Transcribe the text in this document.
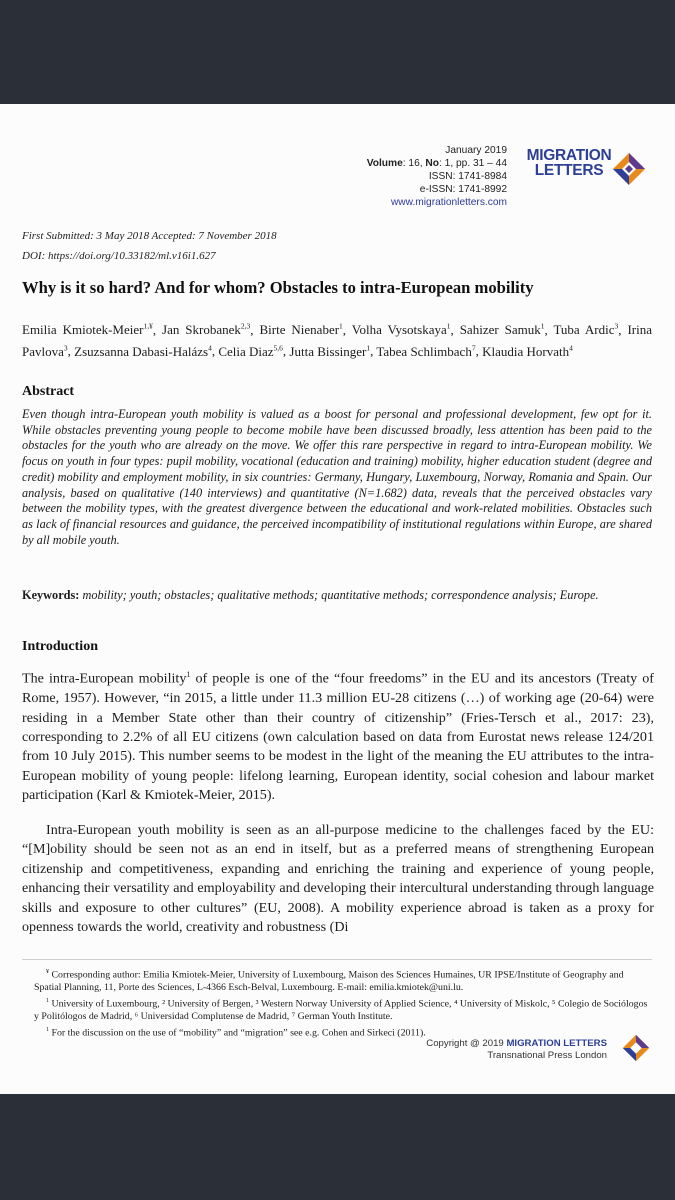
January 2019
Volume: 16, No: 1, pp. 31 – 44
ISSN: 1741-8984
e-ISSN: 1741-8992
www.migrationletters.com
MIGRATION
LETTERS
First Submitted: 3 May 2018 Accepted: 7 November 2018
DOI: https://doi.org/10.33182/ml.v16i1.627
Why is it so hard? And for whom? Obstacles to intra-European mobility
Emilia Kmiotek-Meier$^{1,¥}$, Jan Skrobanek$^{2,3}$, Birte Nienaber$^1$, Volha Vysotskaya$^1$, Sahizer Samuk$^1$, Tuba Ardic$^3$, Irina Pavlova$^3$, Zsuzsanna Dabasi-Halázs$^4$, Celia Diaz$^{5,6}$, Jutta Bissinger$^1$, Tabea Schlimbach$^7$, Klaudia Horvath$^4$
Abstract

Even though intra-European youth mobility is valued as a boost for personal and professional development, few opt for it. While obstacles preventing young people to become mobile have been discussed broadly, less attention has been paid to the obstacles for the youth who are already on the move. We offer this rare perspective in regard to intra-European mobility. We focus on youth in four types: pupil mobility, vocational (education and training) mobility, higher education student (degree and credit) mobility and employment mobility, in six countries: Germany, Hungary, Luxembourg, Norway, Romania and Spain. Our analysis, based on qualitative (140 interviews) and quantitative (N=1.682) data, reveals that the perceived obstacles vary between the mobility types, with the greatest divergence between the educational and work-related mobilities. Obstacles such as lack of financial resources and guidance, the perceived incompatibility of institutional regulations within Europe, are shared by all mobile youth.

Keywords: mobility; youth; obstacles; qualitative methods; quantitative methods; correspondence analysis; Europe.
Introduction

The intra-European mobility$^1$ of people is one of the “four freedoms” in the EU and its ancestors (Treaty of Rome, 1957). However, “in 2015, a little under 11.3 million EU-28 citizens (…) of working age (20-64) were residing in a Member State other than their country of citizenship” (Fries-Tersch et al., 2017: 23), corresponding to 2.2% of all EU citizens (own calculation based on data from Eurostat news release 124/201 from 10 July 2015). This number seems to be modest in the light of the meaning the EU attributes to the intra-European mobility of young people: lifelong learning, European identity, social cohesion and labour market participation (Karl & Kmiotek-Meier, 2015).

Intra-European youth mobility is seen as an all-purpose medicine to the challenges faced by the EU: “[M]obility should be seen not as an end in itself, but as a preferred means of strengthening European citizenship and competitiveness, expanding and enriching the training and experience of young people, enhancing their versatility and employability and developing their intercultural understanding through language skills and exposure to other cultures” (EU, 2008). A mobility experience abroad is taken as a proxy for openness towards the world, creativity and robustness (Di

¥ Corresponding author: Emilia Kmiotek-Meier, University of Luxembourg, Maison des Sciences Humaines, UR IPSE/Institute of Geography and Spatial Planning, 11, Porte des Sciences, L-4366 Esch-Belval, Luxembourg. E-mail: emilia.kmiotek@uni.lu.

$^1$ University of Luxembourg, ² University of Bergen, ³ Western Norway University of Applied Science, ⁴ University of Miskolc, ⁵ Colegio de Sociólogos y Politólogos de Madrid, ⁶ Universidad Complutense de Madrid, ⁷ German Youth Institute.

$^1$ For the discussion on the use of “mobility” and “migration” see e.g. Cohen and Sirkeci (2011).

Copyright @ 2019 MIGRATION LETTERS
Transnational Press London
